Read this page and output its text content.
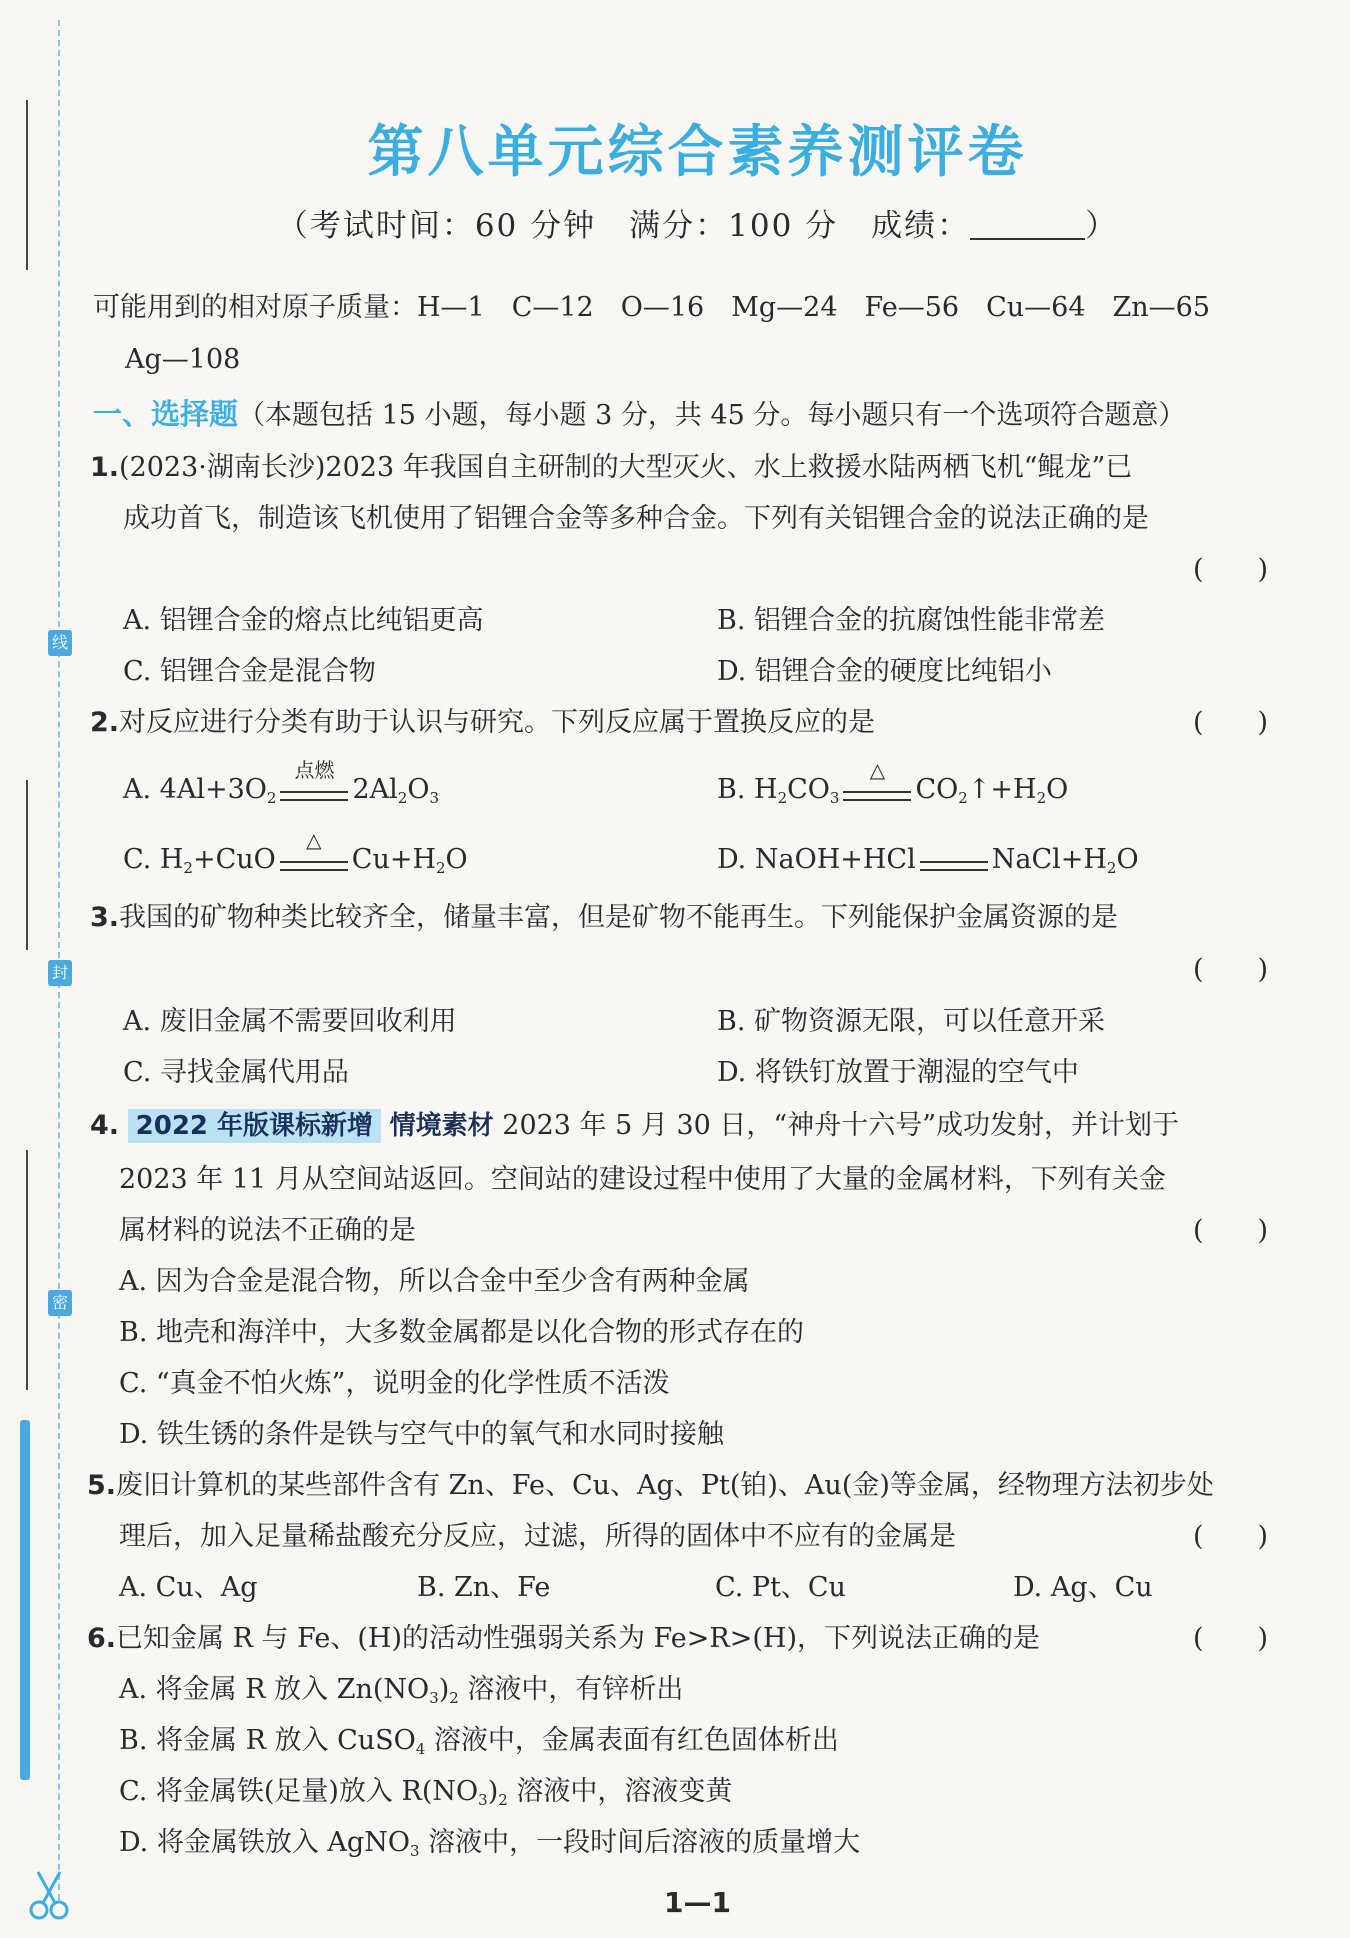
线
封
密
第八单元综合素养测评卷
（考试时间：60 分钟　满分：100 分　成绩：	）
可能用到的相对原子质量：H—1　C—12　O—16　Mg—24　Fe—56　Cu—64　Zn—65
Ag—108
一、选择题（本题包括 15 小题，每小题 3 分，共 45 分。每小题只有一个选项符合题意）
1.(2023·湖南长沙)2023 年我国自主研制的大型灭火、水上救援水陆两栖飞机“鲲龙”已
成功首飞，制造该飞机使用了铝锂合金等多种合金。下列有关铝锂合金的说法正确的是
(　　)
A. 铝锂合金的熔点比纯铝更高	B. 铝锂合金的抗腐蚀性能非常差
C. 铝锂合金是混合物	D. 铝锂合金的硬度比纯铝小
2.对反应进行分类有助于认识与研究。下列反应属于置换反应的是	(　　)
A. $4Al+3O_2$
点燃
$2Al_2O_3$	B. $H_2CO_3$
△
$CO_2↑+H_2O$
C. $H_2+CuO$
△
$Cu+H_2O$	D. NaOH+HCl	$NaCl+H_2O$
3.我国的矿物种类比较齐全，储量丰富，但是矿物不能再生。下列能保护金属资源的是
(　　)
A. 废旧金属不需要回收利用	B. 矿物资源无限，可以任意开采
C. 寻找金属代用品	D. 将铁钉放置于潮湿的空气中
4. 2022 年版课标新增 情境素材 2023 年 5 月 30 日，“神舟十六号”成功发射，并计划于
2023 年 11 月从空间站返回。空间站的建设过程中使用了大量的金属材料，下列有关金
属材料的说法不正确的是	(　　)
A. 因为合金是混合物，所以合金中至少含有两种金属
B. 地壳和海洋中，大多数金属都是以化合物的形式存在的
C. “真金不怕火炼”，说明金的化学性质不活泼
D. 铁生锈的条件是铁与空气中的氧气和水同时接触
5.废旧计算机的某些部件含有 Zn、Fe、Cu、Ag、Pt(铂)、Au(金)等金属，经物理方法初步处
理后，加入足量稀盐酸充分反应，过滤，所得的固体中不应有的金属是	(　　)
A. Cu、Ag	B. Zn、Fe	C. Pt、Cu	D. Ag、Cu
6.已知金属 R 与 Fe、(H)的活动性强弱关系为 Fe>R>(H)，下列说法正确的是	(　　)
A. 将金属 R 放入 $Zn(NO_3)_2$ 溶液中，有锌析出
B. 将金属 R 放入 CuSO$_4$ 溶液中，金属表面有红色固体析出
C. 将金属铁(足量)放入 $R(NO_3)_2$ 溶液中，溶液变黄
D. 将金属铁放入 AgNO$_3$ 溶液中，一段时间后溶液的质量增大
1—1
